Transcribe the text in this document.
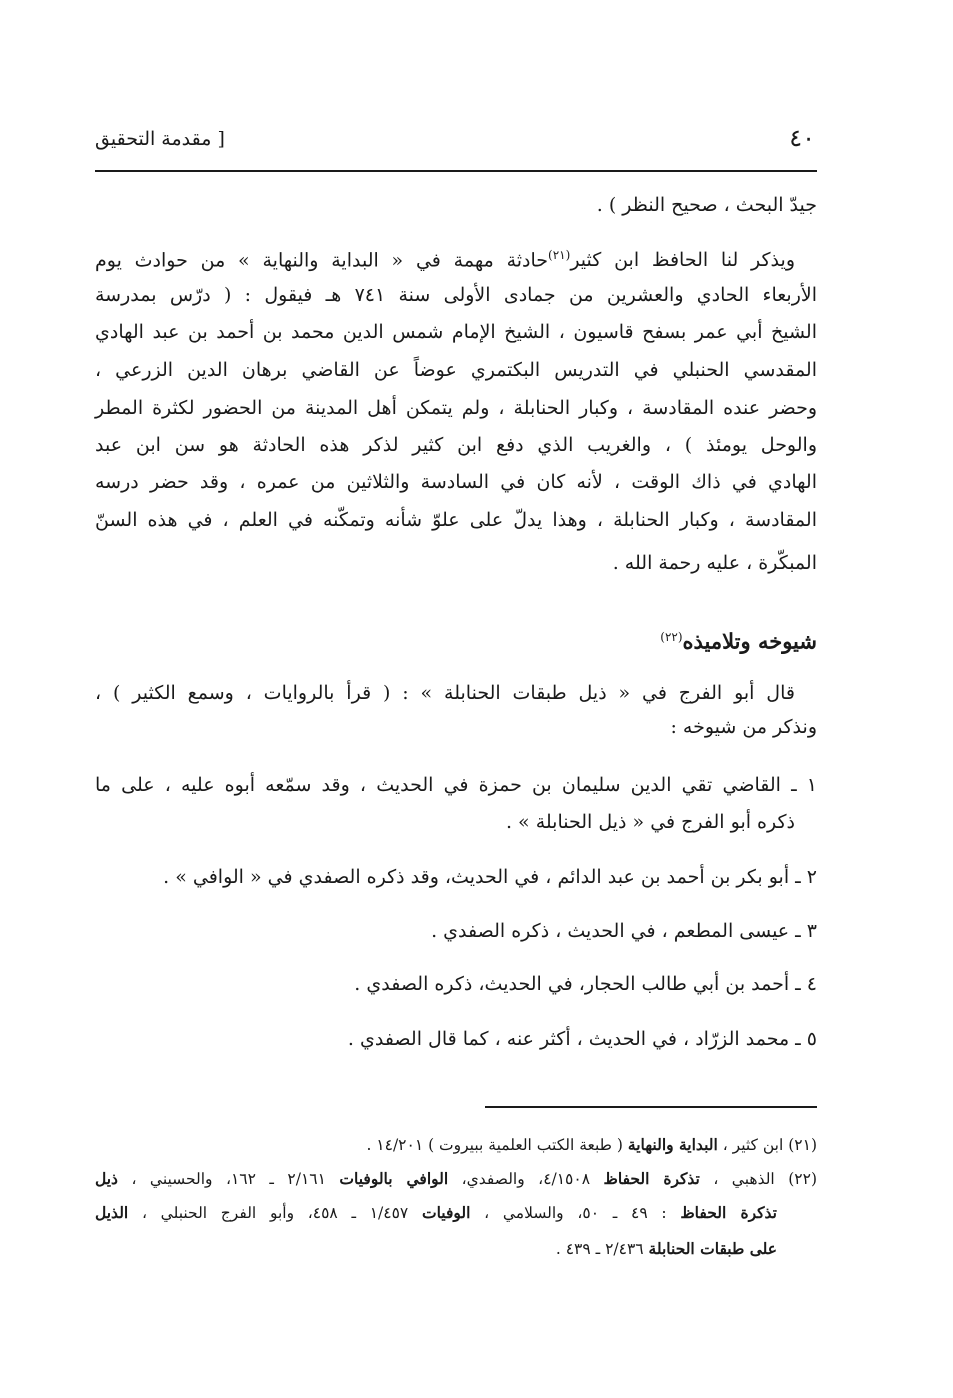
٤٠
[ مقدمة التحقيق
جيدّ البحث ، صحيح النظر ) .
ويذكر لنا الحافظ ابن كثير$^{(٢١)}$حادثة مهمة في « البداية والنهاية » من حوادث يوم
الأربعاء الحادي والعشرين من جمادى الأولى سنة ٧٤١ هـ فيقول : ( درّس بمدرسة
الشيخ أبي عمر بسفح قاسيون ، الشيخ الإمام شمس الدين محمد بن أحمد بن عبد الهادي
المقدسي الحنبلي في التدريس البكتمري عوضاً عن القاضي برهان الدين الزرعي ،
وحضر عنده المقادسة ، وكبار الحنابلة ، ولم يتمكن أهل المدينة من الحضور لكثرة المطر
والوحل يومئذ ) ، والغريب الذي دفع ابن كثير لذكر هذه الحادثة هو سن ابن عبد
الهادي في ذاك الوقت ، لأنه كان في السادسة والثلاثين من عمره ، وقد حضر درسه
المقادسة ، وكبار الحنابلة ، وهذا يدلّ على علوّ شأنه وتمكّنه في العلم ، في هذه السنّ
المبكّرة ، عليه رحمة الله .
شيوخه وتلاميذه$^{(٢٢)}$
قال أبو الفرج في « ذيل طبقات الحنابلة » : ( قرأ بالروايات ، وسمع الكثير ) ،
ونذكر من شيوخه :
١ ـ القاضي تقي الدين سليمان بن حمزة في الحديث ، وقد سمّعه أبوه عليه ، على ما
ذكره أبو الفرج في « ذيل الحنابلة » .
٢ ـ أبو بكر بن أحمد بن عبد الدائم ، في الحديث، وقد ذكره الصفدي في « الوافي » .
٣ ـ عيسى المطعم ، في الحديث ، ذكره الصفدي .
٤ ـ أحمد بن أبي طالب الحجار، في الحديث، ذكره الصفدي .
٥ ـ محمد الزرّاد ، في الحديث ، أكثر عنه ، كما قال الصفدي .
(٢١) ابن كثير ، البداية والنهاية ( طبعة الكتب العلمية ببيروت ) ١٤/٢٠١ .
(٢٢) الذهبي ، تذكرة الحفاظ ٤/١٥٠٨، والصفدي، الوافي بالوفيات ٢/١٦١ ـ ١٦٢، والحسيني ، ذيل
تذكرة الحفاظ : ٤٩ ـ ٥٠، والسلامي ، الوفيات ١/٤٥٧ ـ ٤٥٨، وأبو الفرج الحنبلي ، الذيل
على طبقات الحنابلة ٢/٤٣٦ ـ ٤٣٩ .
